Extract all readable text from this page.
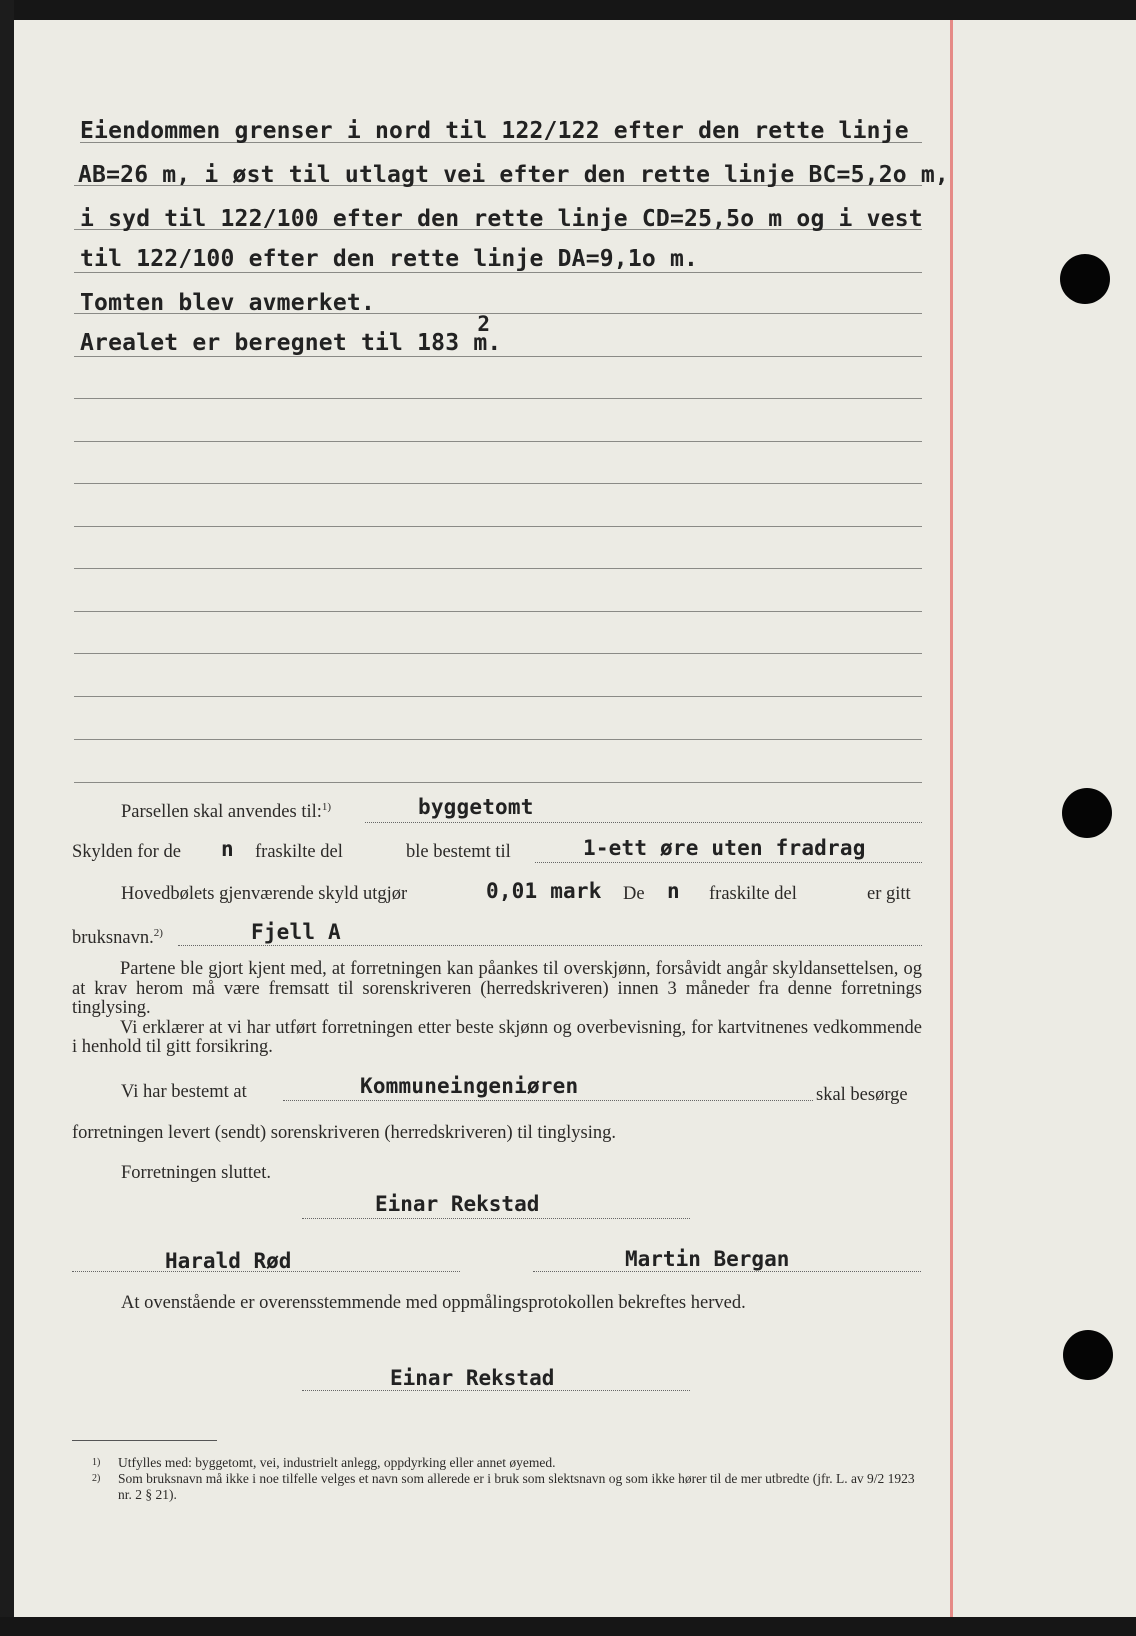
Eiendommen grenser i nord til 122/122 efter den rette linje
AB=26 m, i øst til utlagt vei efter den rette linje BC=5,2o m,
i syd til 122/100 efter den rette linje CD=25,5o m og i vest
til 122/100 efter den rette linje DA=9,1o m.
Tomten blev avmerket.
Arealet er beregnet til 183
2
m.
Parsellen skal anvendes til:$^{1)}$	byggetomt
Skylden for de n fraskilte del	ble bestemt til	1-ett øre uten fradrag
Hovedbølets gjenværende skyld utgjør	0,01 mark De n fraskilte del	er gitt
bruksnavn.$^{2)}$	Fjell A

Partene ble gjort kjent med, at forretningen kan påankes til overskjønn, forsåvidt angår skyldansettelsen, og at krav herom må være fremsatt til sorenskriveren (herredskriveren) innen 3 måneder fra denne forretnings tinglysing.

Vi erklærer at vi har utført forretningen etter beste skjønn og overbevisning, for kartvitnenes vedkommende i henhold til gitt forsikring.

Vi har bestemt at	Kommuneingeniøren	skal besørge
forretningen levert (sendt) sorenskriveren (herredskriveren) til tinglysing.
Forretningen sluttet.
Einar Rekstad
Harald Rød	Martin Bergan
At ovenstående er overensstemmende med oppmålingsprotokollen bekreftes herved.
Einar Rekstad

1) Utfylles med: byggetomt, vei, industrielt anlegg, oppdyrking eller annet øyemed.

2) Som bruksnavn må ikke i noe tilfelle velges et navn som allerede er i bruk som slektsnavn og som ikke hører til de mer utbredte (jfr. L. av 9/2 1923 nr. 2 § 21).
